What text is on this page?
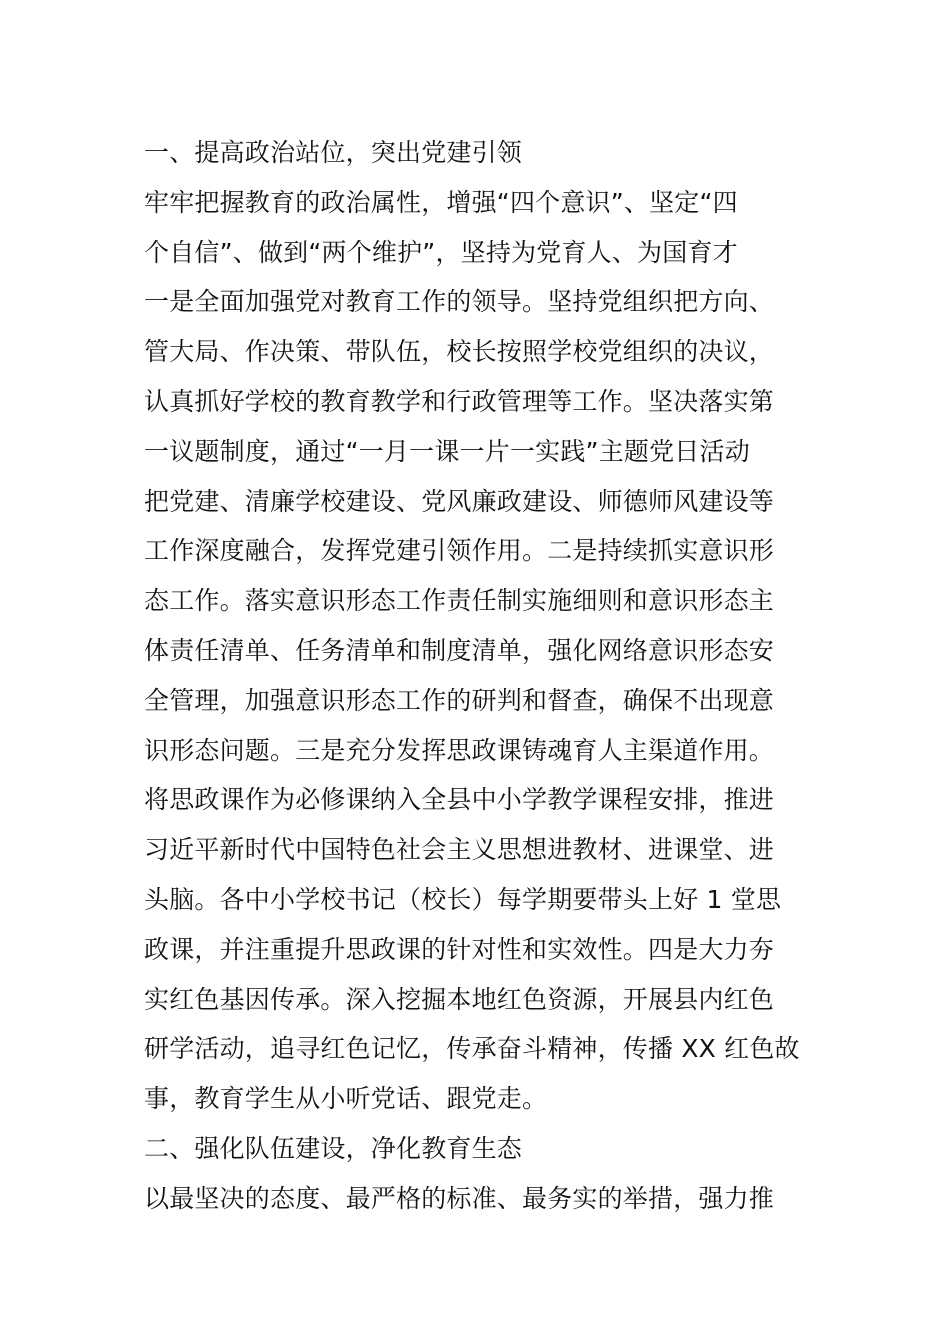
一、提高政治站位，突出党建引领
牢牢把握教育的政治属性，增强“四个意识”、坚定“四
个自信”、做到“两个维护”，坚持为党育人、为国育才
一是全面加强党对教育工作的领导。坚持党组织把方向、
管大局、作决策、带队伍，校长按照学校党组织的决议，
认真抓好学校的教育教学和行政管理等工作。坚决落实第
一议题制度，通过“一月一课一片一实践”主题党日活动
把党建、清廉学校建设、党风廉政建设、师德师风建设等
工作深度融合，发挥党建引领作用。二是持续抓实意识形
态工作。落实意识形态工作责任制实施细则和意识形态主
体责任清单、任务清单和制度清单，强化网络意识形态安
全管理，加强意识形态工作的研判和督查，确保不出现意
识形态问题。三是充分发挥思政课铸魂育人主渠道作用。
将思政课作为必修课纳入全县中小学教学课程安排，推进
习近平新时代中国特色社会主义思想进教材、进课堂、进
头脑。各中小学校书记（校长）每学期要带头上好 1 堂思
政课，并注重提升思政课的针对性和实效性。四是大力夯
实红色基因传承。深入挖掘本地红色资源，开展县内红色
研学活动，追寻红色记忆，传承奋斗精神，传播 XX 红色故
事，教育学生从小听党话、跟党走。
二、强化队伍建设，净化教育生态
以最坚决的态度、最严格的标准、最务实的举措，强力推
